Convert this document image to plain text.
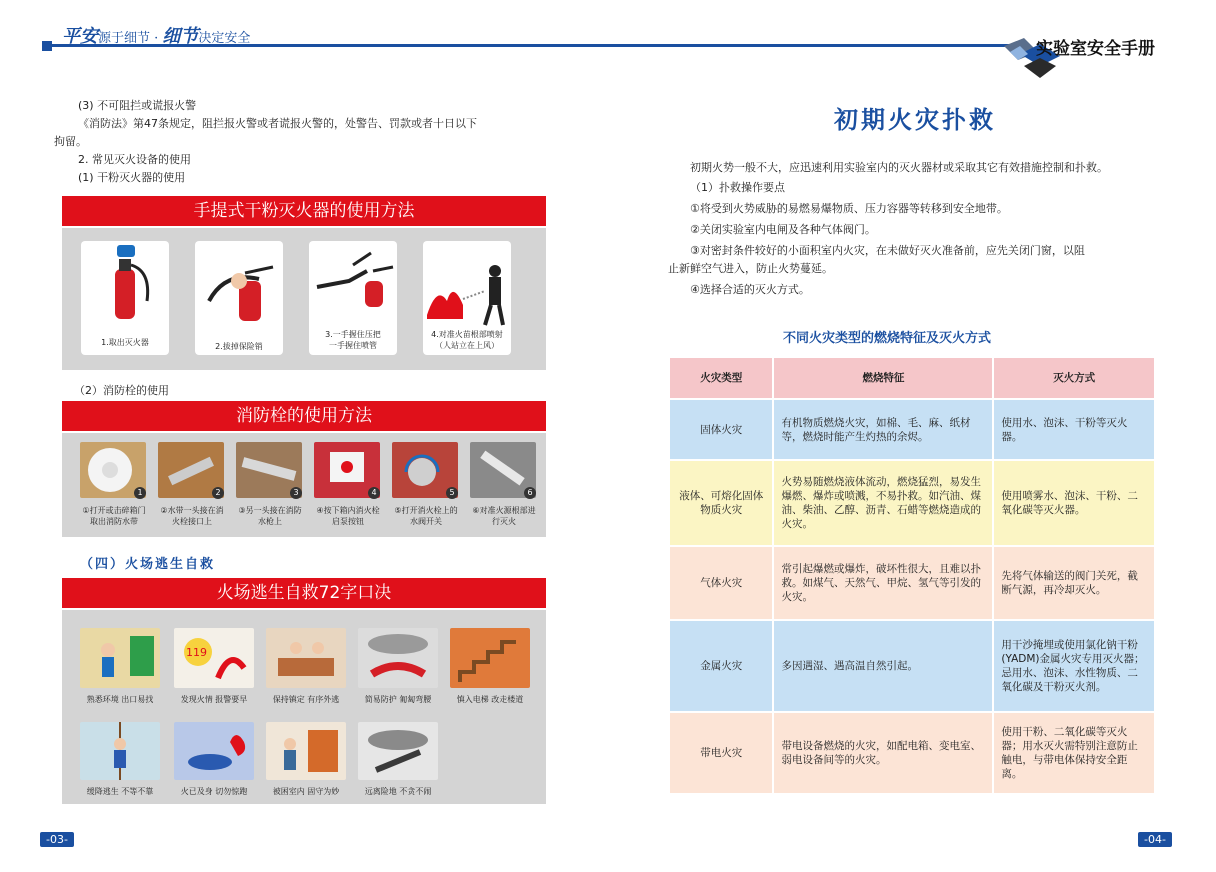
平安源于细节 · 细节决定安全
实验室安全手册
(3) 不可阻拦或谎报火警
《消防法》第47条规定，阻拦报火警或者谎报火警的，处警告、罚款或者十日以下
拘留。
2. 常见灭火设备的使用
(1) 干粉灭火器的使用
手提式干粉灭火器的使用方法
1.取出灭火器	2.拔掉保险销
3.一手握住压把
一手握住喷管
4.对准火苗根部喷射
（人站立在上风）
（2）消防栓的使用
消防栓的使用方法
1	2	3	4	5	6
①打开或击碎箱门
取出消防水带
②水带一头接在消
火栓接口上
③另一头接在消防
水枪上
④按下箱内消火栓
启泵按钮
⑤打开消火栓上的
水阀开关
⑥对准火源根部进
行灭火
（四）火场逃生自救
火场逃生自救72字口决
119
熟悉环境 出口易找	发现火情 报警要早	保持镇定 有序外逃	简易防护 匍匐弯腰	慎入电梯 改走楼道
缓降逃生 不等不靠	火已及身 切勿惊跑	被困室内 固守为妙	远离险地 不贪不闹
-03-
初期火灾扑救
初期火势一般不大，应迅速利用实验室内的灭火器材或采取其它有效措施控制和扑救。
（1）扑救操作要点
①将受到火势威胁的易燃易爆物质、压力容器等转移到安全地带。
②关闭实验室内电闸及各种气体阀门。
③对密封条件较好的小面积室内火灾，在未做好灭火准备前，应先关闭门窗，以阻
止新鲜空气进入，防止火势蔓延。
④选择合适的灭火方式。
不同火灾类型的燃烧特征及灭火方式
火灾类型	燃烧特征	灭火方式
固体火灾	有机物质燃烧火灾，如棉、毛、麻、纸材等，燃烧时能产生灼热的余烬。	使用水、泡沫、干粉等灭火器。
液体、可熔化固体物质火灾	火势易随燃烧液体流动，燃烧猛烈，易发生爆燃、爆炸或喷溅，不易扑救。如汽油、煤油、柴油、乙醇、沥青、石蜡等燃烧造成的火灾。	使用喷雾水、泡沫、干粉、二氧化碳等灭火器。
气体火灾	常引起爆燃或爆炸，破坏性很大，且难以扑救。如煤气、天然气、甲烷、氢气等引发的火灾。	先将气体输送的阀门关死，截断气源，再冷却灭火。
金属火灾	多因遇湿、遇高温自然引起。	用干沙掩埋或使用氯化钠干粉(YADM)金属火灾专用灭火器；忌用水、泡沫、水性物质、二氧化碳及干粉灭火剂。
带电火灾	带电设备燃烧的火灾，如配电箱、变电室、弱电设备间等的火灾。	使用干粉、二氧化碳等灭火器；用水灭火需特别注意防止触电，与带电体保持安全距离。
-04-
